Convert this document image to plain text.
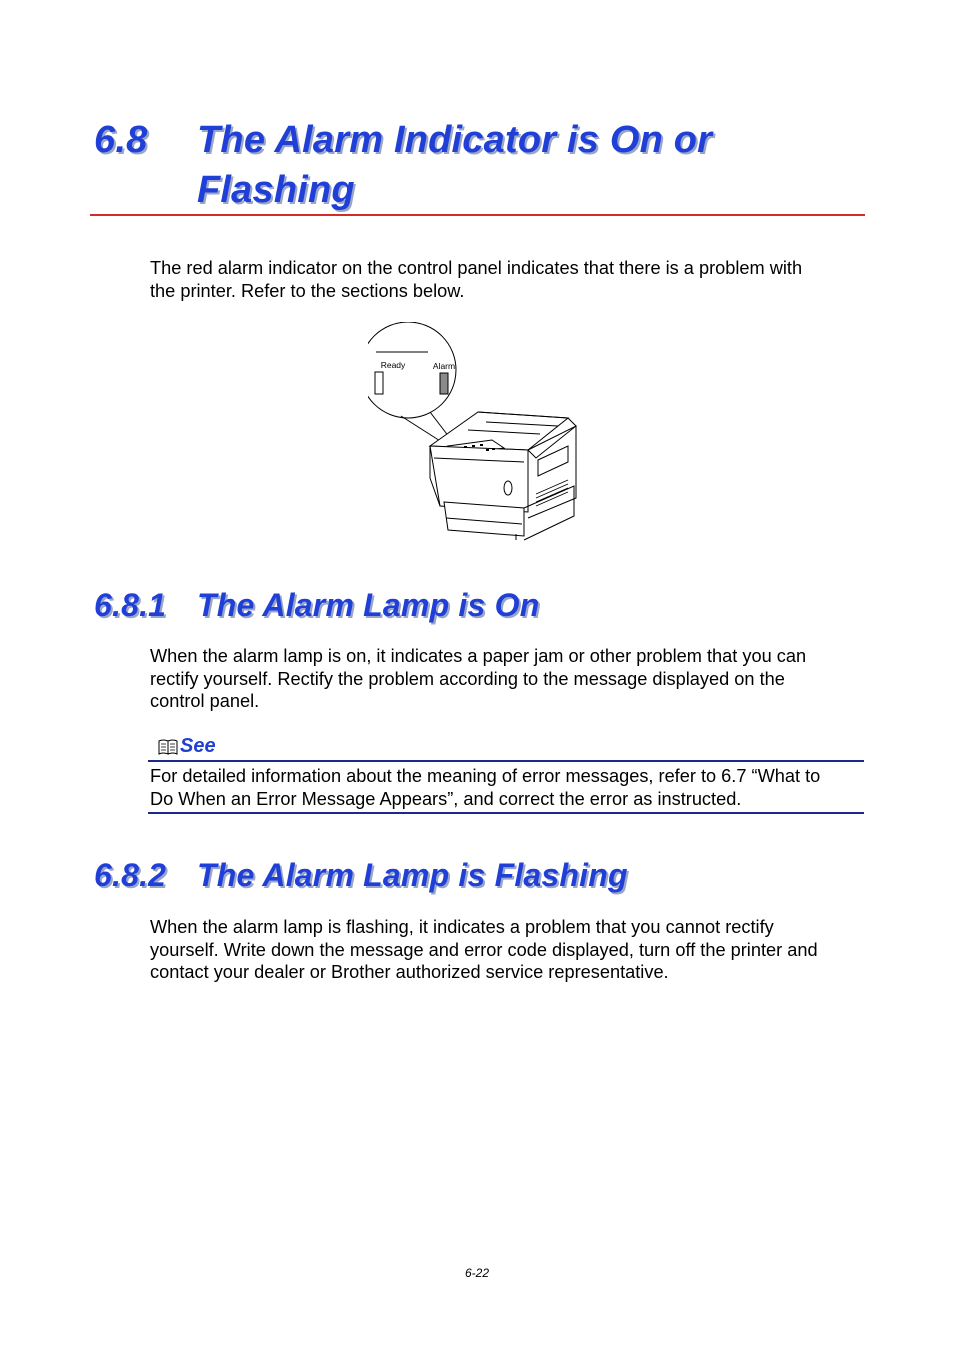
6.8 The Alarm Indicator is On or
Flashing
The red alarm indicator on the control panel indicates that there is a problem with
the printer. Refer to the sections below.
Ready	Alarm
6.8.1 The Alarm Lamp is On
When the alarm lamp is on, it indicates a paper jam or other problem that you can
rectify yourself. Rectify the problem according to the message displayed on the
control panel.
See
For detailed information about the meaning of error messages, refer to 6.7 “What to
Do When an Error Message Appears”, and correct the error as instructed.
6.8.2 The Alarm Lamp is Flashing
When the alarm lamp is flashing, it indicates a problem that you cannot rectify
yourself. Write down the message and error code displayed, turn off the printer and
contact your dealer or Brother authorized service representative.
6-22
